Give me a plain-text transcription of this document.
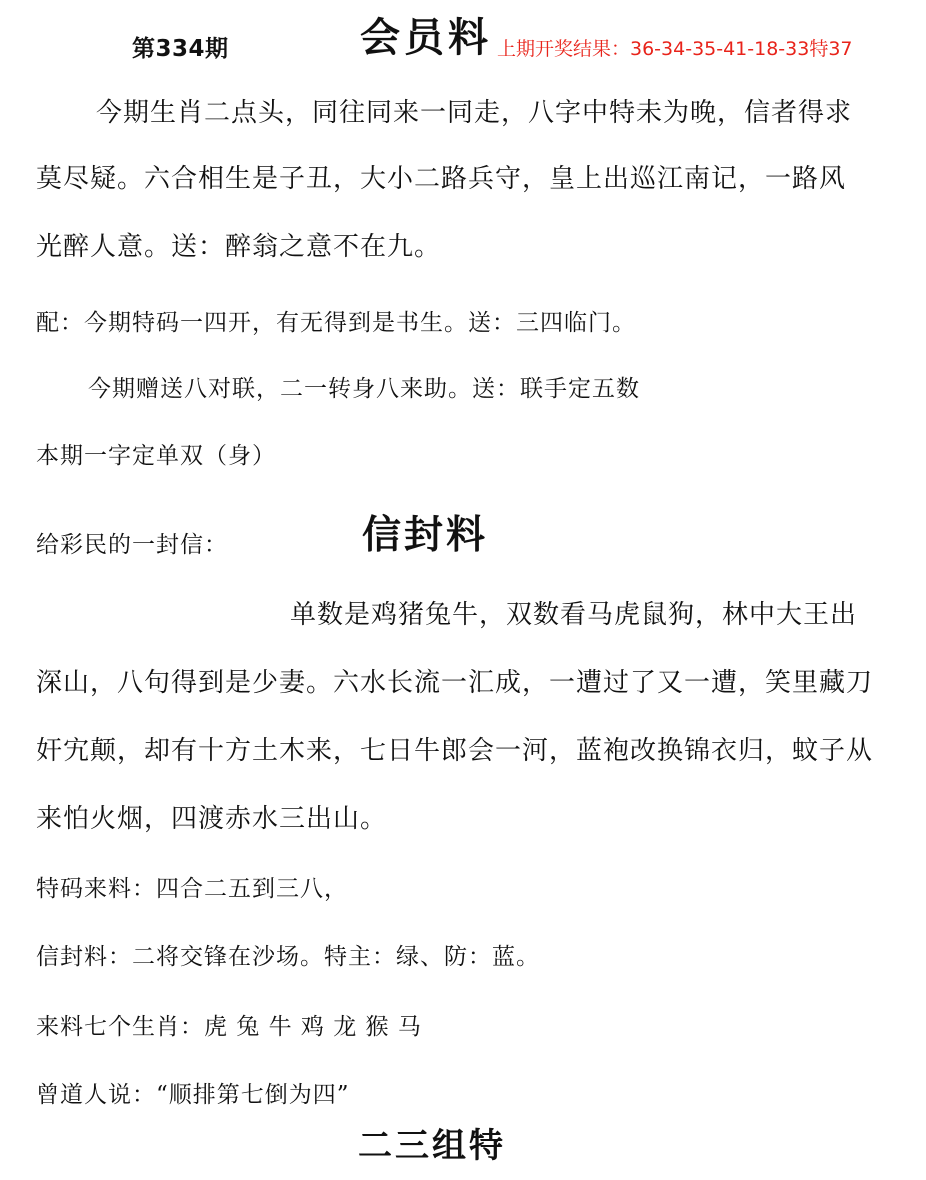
第334期	会员料 上期开奖结果：36-34-35-41-18-33特37
今期生肖二点头，同往同来一同走，八字中特未为晚，信者得求
莫尽疑。六合相生是子丑，大小二路兵守，皇上出巡江南记，一路风
光醉人意。送：醉翁之意不在九。
配：今期特码一四开，有无得到是书生。送：三四临门。
今期赠送八对联，二一转身八来助。送：联手定五数
本期一字定单双（身）
给彩民的一封信：	信封料
单数是鸡猪兔牛，双数看马虎鼠狗，林中大王出
深山，八句得到是少妻。六水长流一汇成，一遭过了又一遭，笑里藏刀
奸宄颠，却有十方土木来，七日牛郎会一河，蓝袍改换锦衣归，蚊子从
来怕火烟，四渡赤水三出山。
特码来料：四合二五到三八，
信封料：二将交锋在沙场。特主：绿、防：蓝。
来料七个生肖：虎 兔 牛 鸡 龙 猴 马
曾道人说：“顺排第七倒为四”
二三组特
